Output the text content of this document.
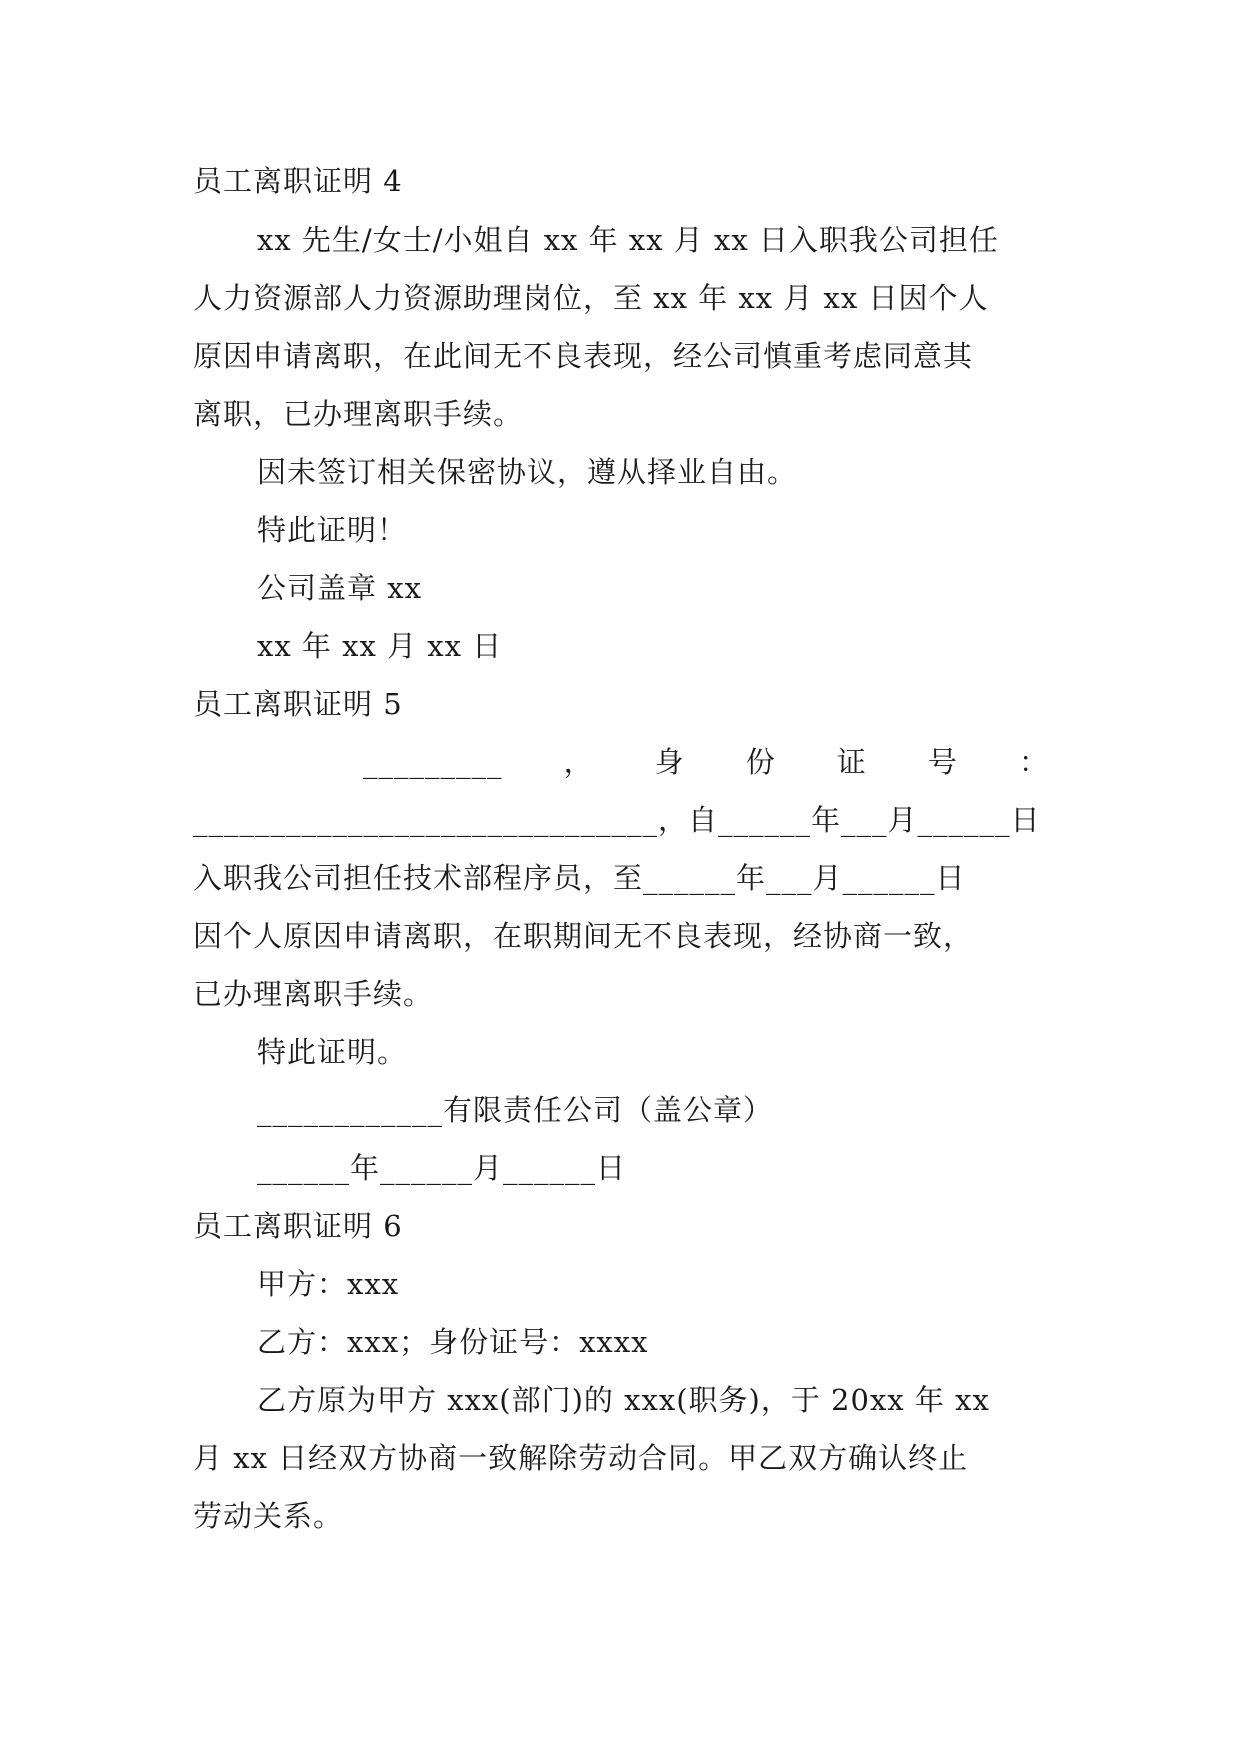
员工离职证明 4
xx 先生/女士/小姐自 xx 年 xx 月 xx 日入职我公司担任
人力资源部人力资源助理岗位，至 xx 年 xx 月 xx 日因个人
原因申请离职，在此间无不良表现，经公司慎重考虑同意其
离职，已办理离职手续。
因未签订相关保密协议，遵从择业自由。
特此证明！
公司盖章 xx
xx 年 xx 月 xx 日
员工离职证明 5
_________ ， 身 份 证 号 ：
______________________________，自______年___月______日
入职我公司担任技术部程序员，至______年___月______日
因个人原因申请离职，在职期间无不良表现，经协商一致，
已办理离职手续。
特此证明。
____________有限责任公司（盖公章）
______年______月______日
员工离职证明 6
甲方：xxx
乙方：xxx；身份证号：xxxx
乙方原为甲方 xxx(部门)的 xxx(职务)，于 20xx 年 xx
月 xx 日经双方协商一致解除劳动合同。甲乙双方确认终止
劳动关系。
